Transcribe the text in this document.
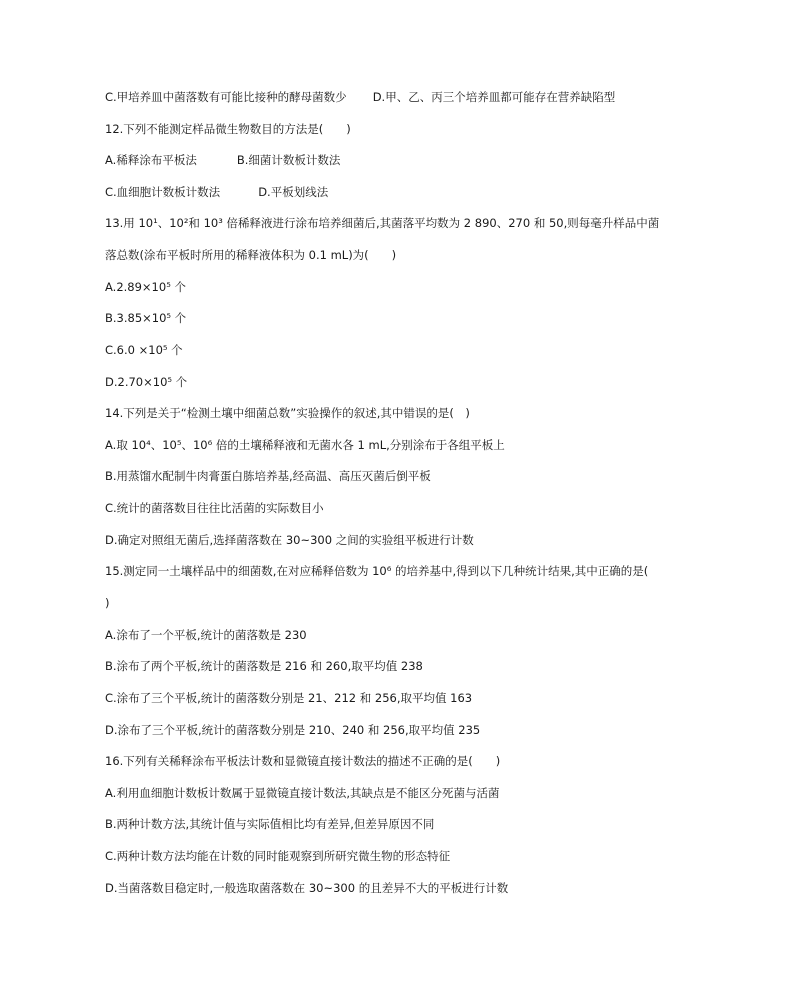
C.甲培养皿中菌落数有可能比接种的酵母菌数少 D.甲、乙、丙三个培养皿都可能存在营养缺陷型
12.下列不能测定样品微生物数目的方法是(　　)
A.稀释涂布平板法	B.细菌计数板计数法
C.血细胞计数板计数法	D.平板划线法
13.用 10¹、10²和 10³ 倍稀释液进行涂布培养细菌后,其菌落平均数为 2 890、270 和 50,则每毫升样品中菌
落总数(涂布平板时所用的稀释液体积为 0.1 mL)为(　　)
A.2.89×10⁵ 个
B.3.85×10⁵ 个
C.6.0 ×10⁵ 个
D.2.70×10⁵ 个
14.下列是关于“检测土壤中细菌总数”实验操作的叙述,其中错误的是(　)
A.取 10⁴、10⁵、10⁶ 倍的土壤稀释液和无菌水各 1 mL,分别涂布于各组平板上
B.用蒸馏水配制牛肉膏蛋白胨培养基,经高温、高压灭菌后倒平板
C.统计的菌落数目往往比活菌的实际数目小
D.确定对照组无菌后,选择菌落数在 30~300 之间的实验组平板进行计数
15.测定同一土壤样品中的细菌数,在对应稀释倍数为 10⁶ 的培养基中,得到以下几种统计结果,其中正确的是(
)
A.涂布了一个平板,统计的菌落数是 230
B.涂布了两个平板,统计的菌落数是 216 和 260,取平均值 238
C.涂布了三个平板,统计的菌落数分别是 21、212 和 256,取平均值 163
D.涂布了三个平板,统计的菌落数分别是 210、240 和 256,取平均值 235
16.下列有关稀释涂布平板法计数和显微镜直接计数法的描述不正确的是(　　)
A.利用血细胞计数板计数属于显微镜直接计数法,其缺点是不能区分死菌与活菌
B.两种计数方法,其统计值与实际值相比均有差异,但差异原因不同
C.两种计数方法均能在计数的同时能观察到所研究微生物的形态特征
D.当菌落数目稳定时,一般选取菌落数在 30~300 的且差异不大的平板进行计数
